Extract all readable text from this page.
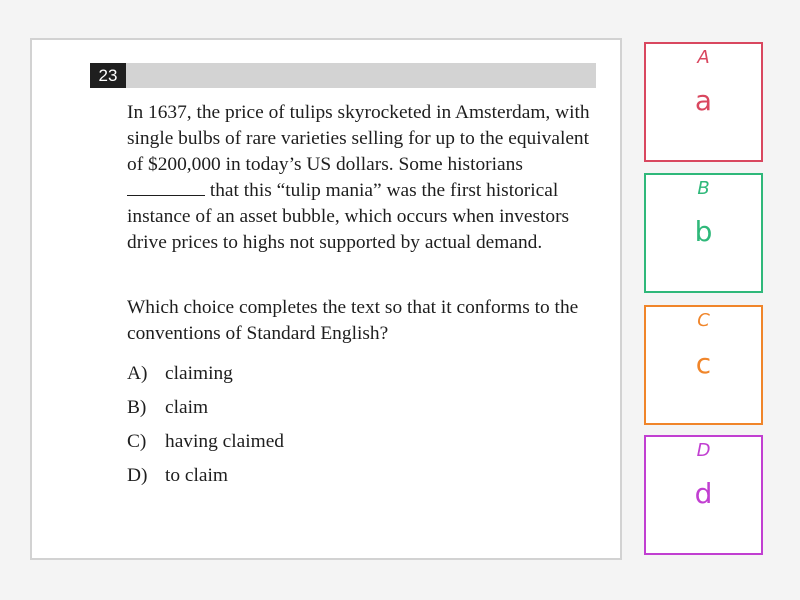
23

In 1637, the price of tulips skyrocketed in Amsterdam, with single bulbs of rare varieties selling for up to the equivalent of $200,000 in today’s US dollars. Some historians  that this “tulip mania” was the first historical instance of an asset bubble, which occurs when investors drive prices to highs not supported by actual demand.

Which choice completes the text so that it conforms to the conventions of Standard English?

A) claiming
B) claim
C) having claimed
D) to claim
A
a
B
b
C
c
D
d
